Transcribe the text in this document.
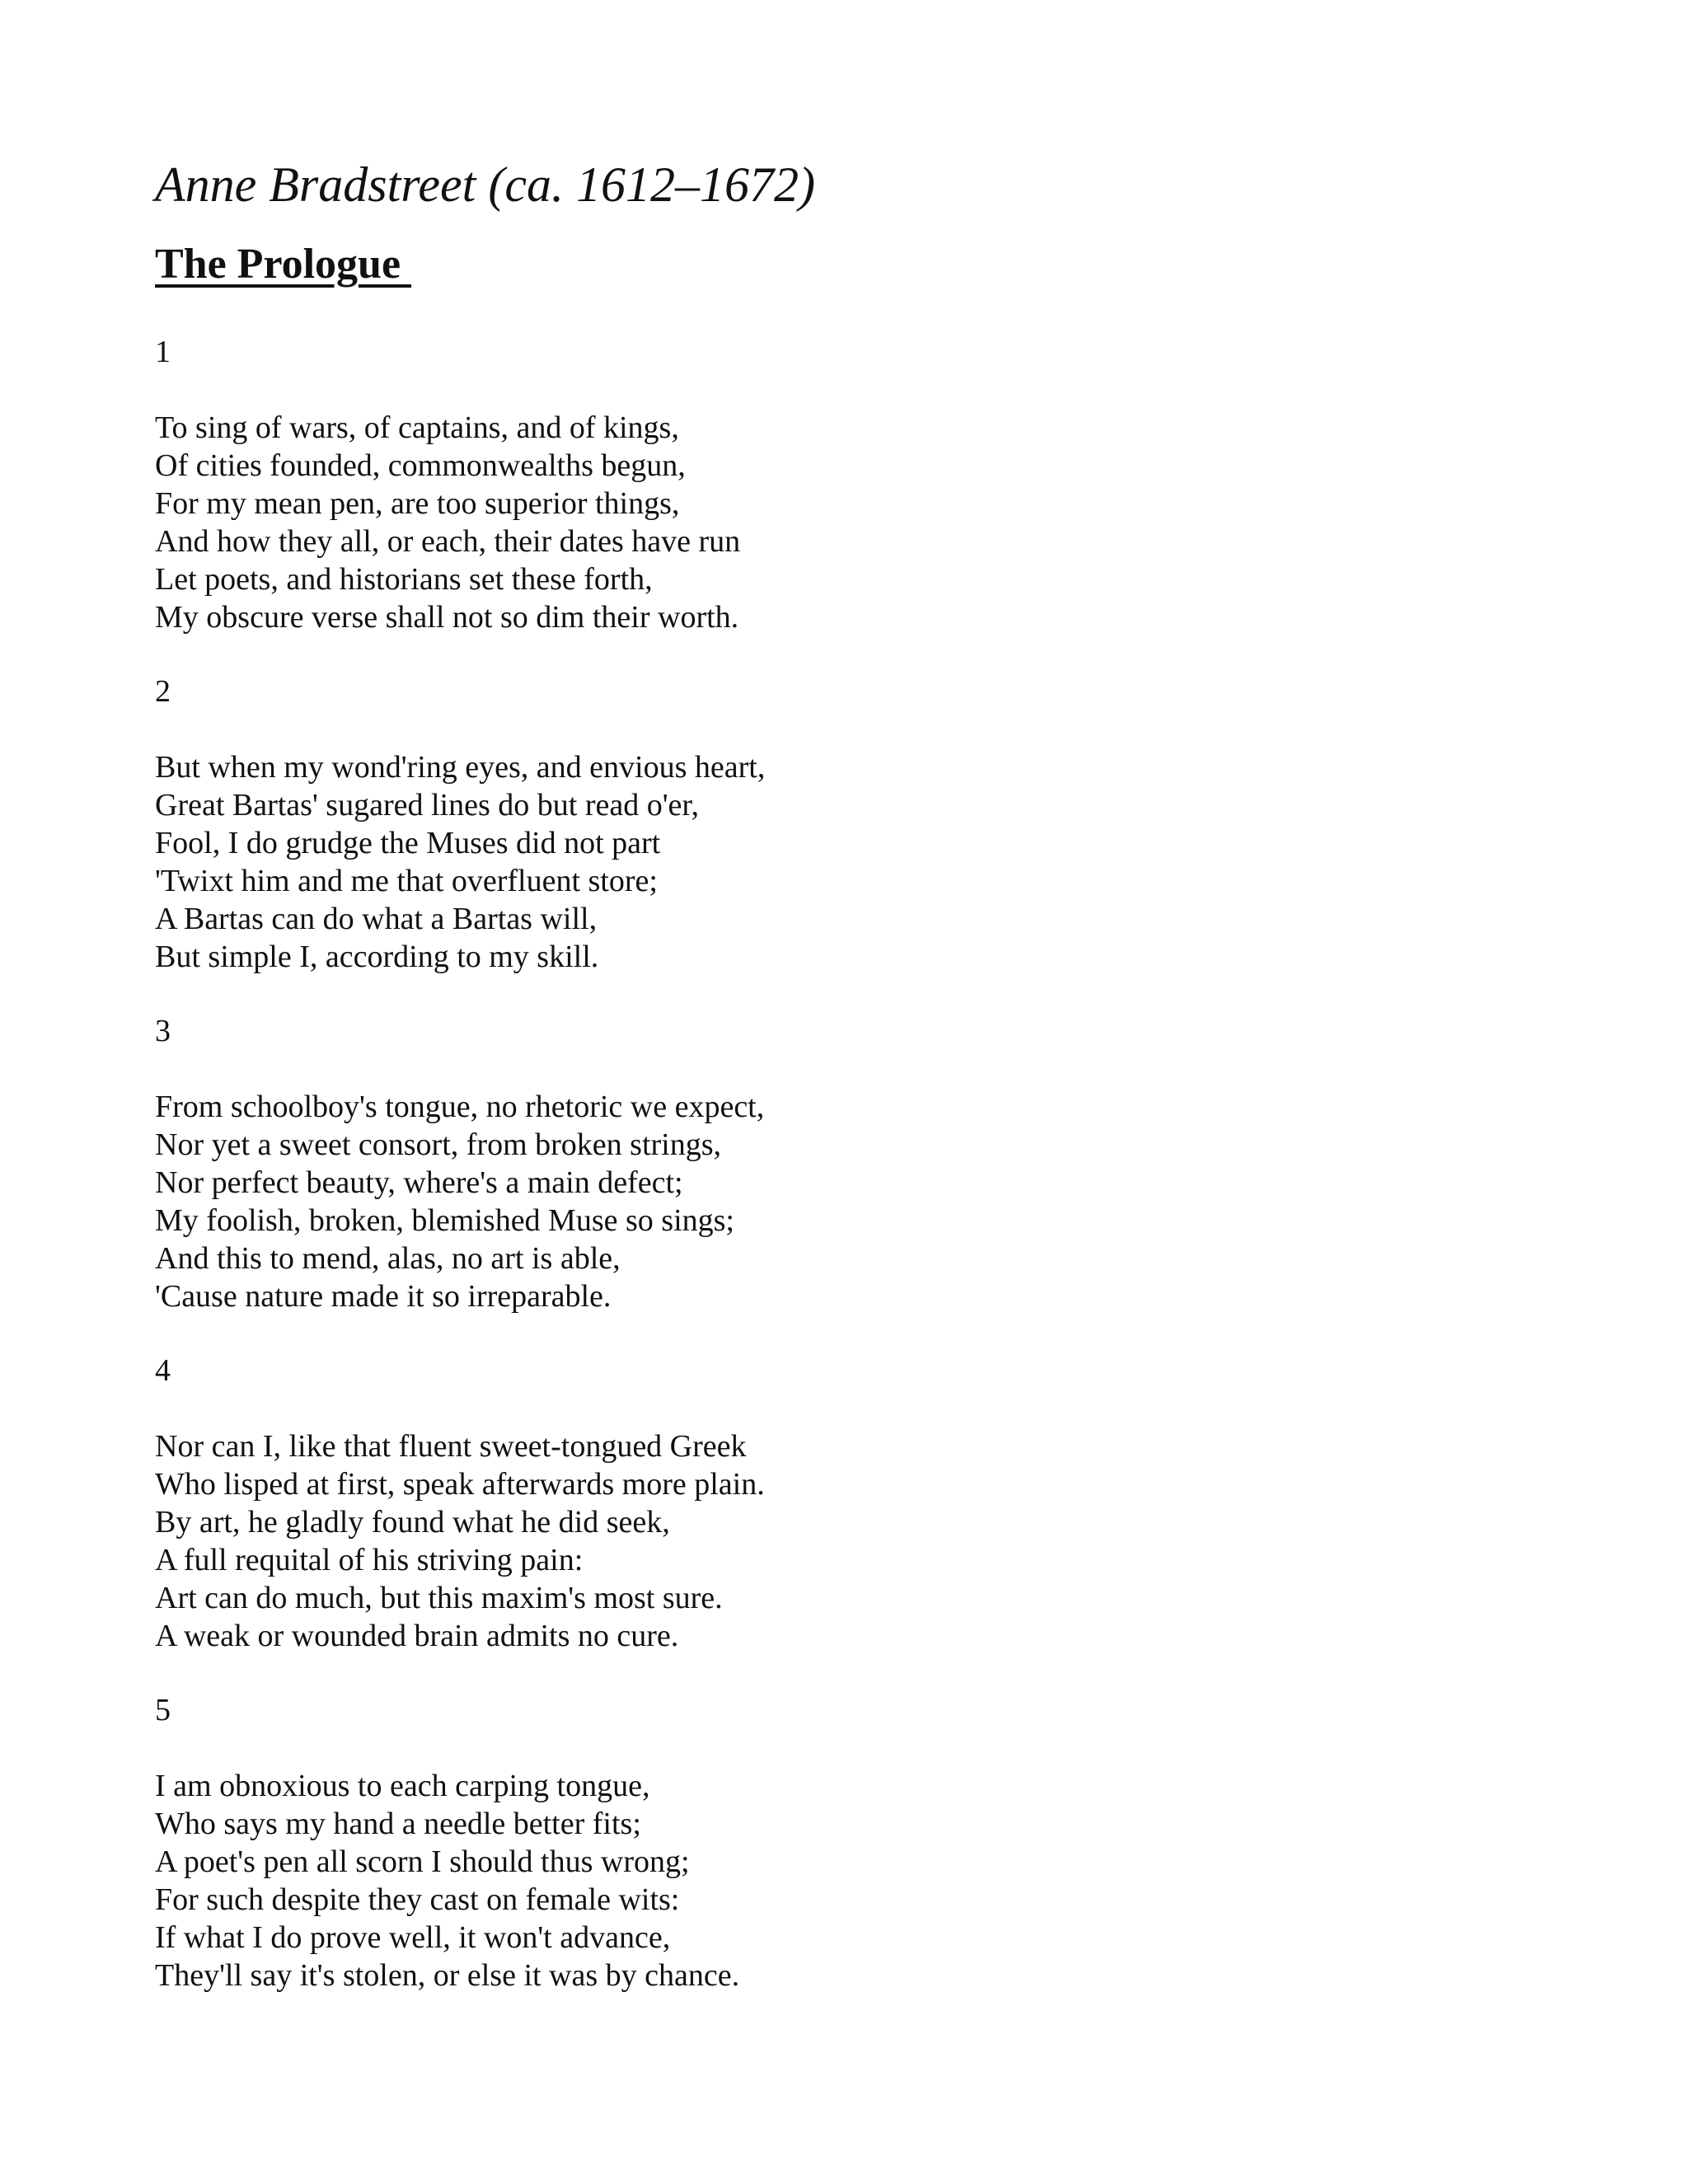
Anne Bradstreet (ca. 1612–1672)
The Prologue
1
To sing of wars, of captains, and of kings,
Of cities founded, commonwealths begun,
For my mean pen, are too superior things,
And how they all, or each, their dates have run
Let poets, and historians set these forth,
My obscure verse shall not so dim their worth.
2
But when my wond'ring eyes, and envious heart,
Great Bartas' sugared lines do but read o'er,
Fool, I do grudge the Muses did not part
'Twixt him and me that overfluent store;
A Bartas can do what a Bartas will,
But simple I, according to my skill.
3
From schoolboy's tongue, no rhetoric we expect,
Nor yet a sweet consort, from broken strings,
Nor perfect beauty, where's a main defect;
My foolish, broken, blemished Muse so sings;
And this to mend, alas, no art is able,
'Cause nature made it so irreparable.
4
Nor can I, like that fluent sweet-tongued Greek
Who lisped at first, speak afterwards more plain.
By art, he gladly found what he did seek,
A full requital of his striving pain:
Art can do much, but this maxim's most sure.
A weak or wounded brain admits no cure.
5
I am obnoxious to each carping tongue,
Who says my hand a needle better fits;
A poet's pen all scorn I should thus wrong;
For such despite they cast on female wits:
If what I do prove well, it won't advance,
They'll say it's stolen, or else it was by chance.
